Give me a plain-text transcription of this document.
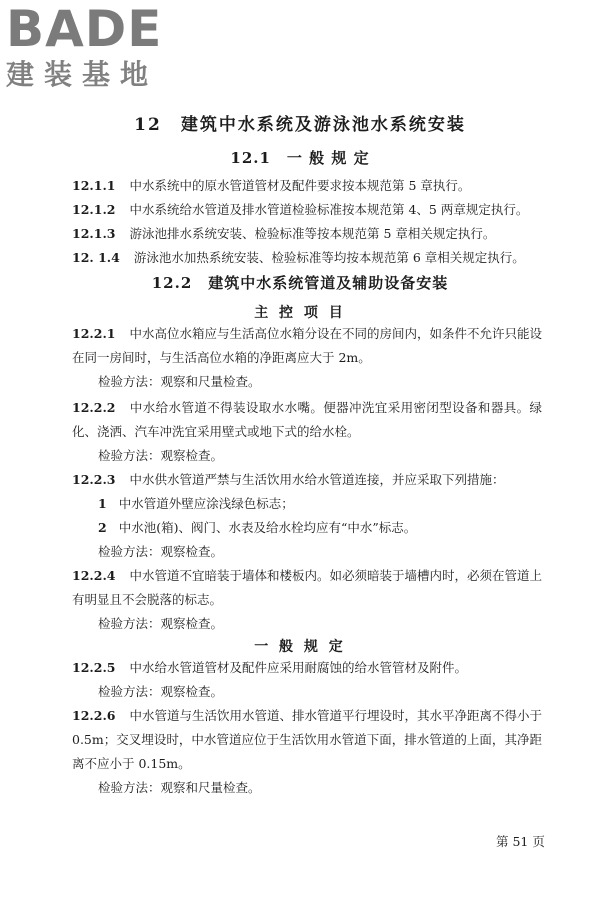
BADE
建装基地
12　建筑中水系统及游泳池水系统安装
12.1　一 般 规 定
12.1.1 中水系统中的原水管道管材及配件要求按本规范第 5 章执行。
12.1.2 中水系统给水管道及排水管道检验标准按本规范第 4、5 两章规定执行。
12.1.3 游泳池排水系统安装、检验标准等按本规范第 5 章相关规定执行。
12. 1.4 游泳池水加热系统安装、检验标准等均按本规范第 6 章相关规定执行。
12.2　建筑中水系统管道及辅助设备安装
主 控 项 目
12.2.1 中水高位水箱应与生活高位水箱分设在不同的房间内，如条件不允许只能设在同一房间时，与生活高位水箱的净距离应大于 2m。
检验方法：观察和尺量检查。
12.2.2 中水给水管道不得装设取水水嘴。便器冲洗宜采用密闭型设备和器具。绿化、浇洒、汽车冲洗宜采用壁式或地下式的给水栓。
检验方法：观察检查。
12.2.3 中水供水管道严禁与生活饮用水给水管道连接，并应采取下列措施：
1 中水管道外壁应涂浅绿色标志；
2 中水池(箱)、阀门、水表及给水栓均应有“中水”标志。
检验方法：观察检查。
12.2.4 中水管道不宜暗装于墙体和楼板内。如必须暗装于墙槽内时，必须在管道上有明显且不会脱落的标志。
检验方法：观察检查。
一 般 规 定
12.2.5 中水给水管道管材及配件应采用耐腐蚀的给水管管材及附件。
检验方法：观察检查。
12.2.6 中水管道与生活饮用水管道、排水管道平行埋设时，其水平净距离不得小于 0.5m；交叉埋设时，中水管道应位于生活饮用水管道下面，排水管道的上面，其净距离不应小于 0.15m。
检验方法：观察和尺量检查。
第 51 页
